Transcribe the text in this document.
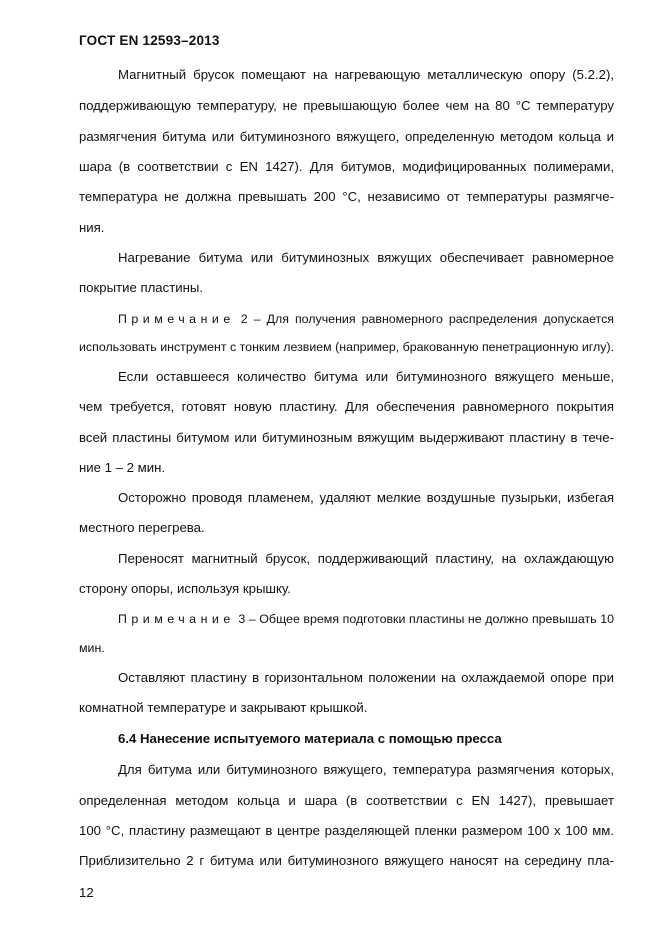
ГОСТ EN 12593–2013
Магнитный брусок помещают на нагревающую металлическую опору (5.2.2),
поддерживающую температуру, не превышающую более чем на 80 °С температуру
размягчения битума или битуминозного вяжущего, определенную методом кольца и
шара (в соответствии с EN 1427). Для битумов, модифицированных полимерами,
температура не должна превышать 200 °С, независимо от температуры размягче-
ния.
Нагревание битума или битуминозных вяжущих обеспечивает равномерное
покрытие пластины.
Примечание 2 – Для получения равномерного распределения допускается
использовать инструмент с тонким лезвием (например, бракованную пенетрационную иглу).
Если оставшееся количество битума или битуминозного вяжущего меньше,
чем требуется, готовят новую пластину. Для обеспечения равномерного покрытия
всей пластины битумом или битуминозным вяжущим выдерживают пластину в тече-
ние 1 – 2 мин.
Осторожно проводя пламенем, удаляют мелкие воздушные пузырьки, избегая
местного перегрева.
Переносят магнитный брусок, поддерживающий пластину, на охлаждающую
сторону опоры, используя крышку.
Примечание 3 – Общее время подготовки пластины не должно превышать 10
мин.
Оставляют пластину в горизонтальном положении на охлаждаемой опоре при
комнатной температуре и закрывают крышкой.
6.4 Нанесение испытуемого материала с помощью пресса
Для битума или битуминозного вяжущего, температура размягчения которых,
определенная методом кольца и шара (в соответствии с EN 1427), превышает
100 °С, пластину размещают в центре разделяющей пленки размером 100 х 100 мм.
Приблизительно 2 г битума или битуминозного вяжущего наносят на середину пла-
12
